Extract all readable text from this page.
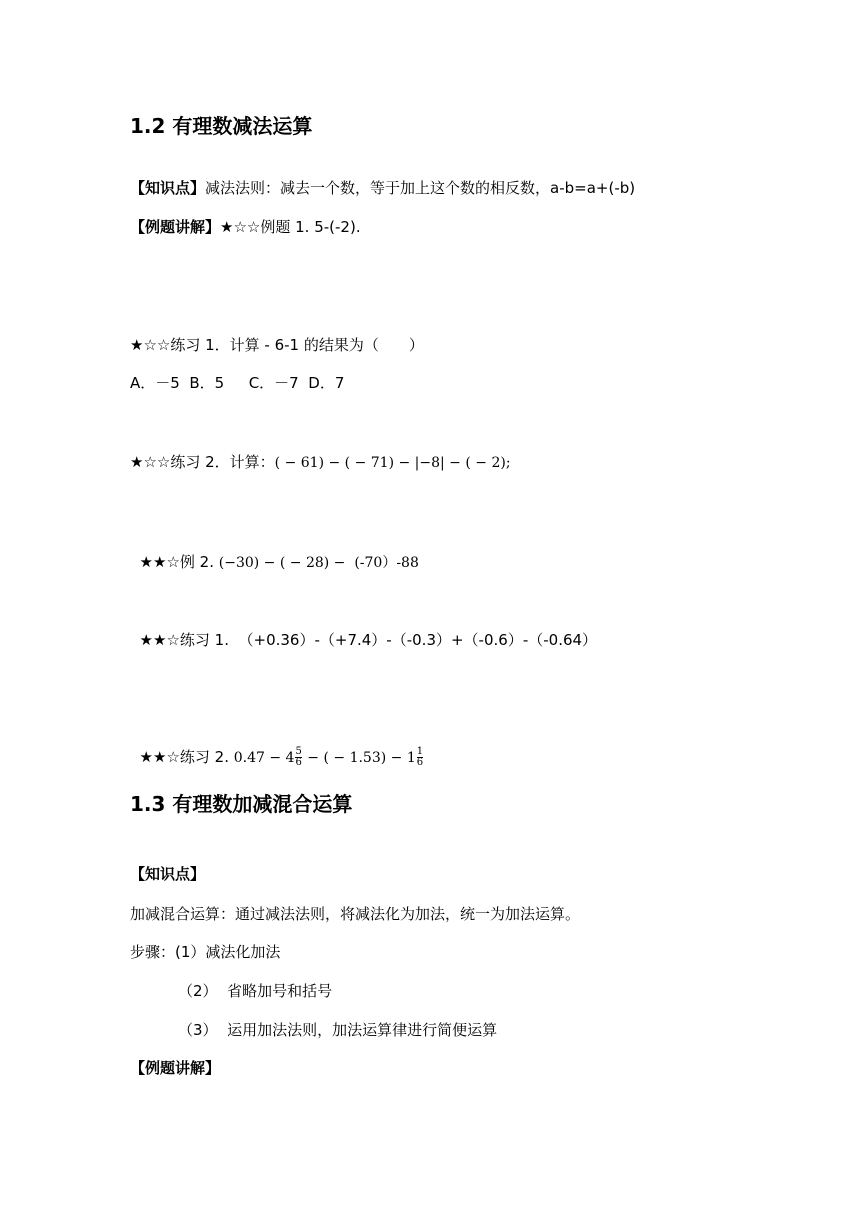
1.2 有理数减法运算
【知识点】减法法则：减去一个数，等于加上这个数的相反数，a-b=a+(-b)
【例题讲解】★☆☆例题 1. 5-(-2).
★☆☆练习 1．计算 - 6-1 的结果为（　　）
A．－5  B．5　  C．－7  D．7
★☆☆练习 2．计算：( − 61) − ( − 71) − |−8| − ( − 2);

★★☆例 2. (−30) − ( − 28) −  (-70）-88

★★☆练习 1.  （+0.36）-（+7.4）-（-0.3）+（-0.6）-（-0.64）

★★☆练习 2. $0.47 - 4 \frac{5}{6}$ − ( − $1.53) - 1 \frac{1}{6}$

1.3 有理数加减混合运算
【知识点】
加减混合运算：通过减法法则，将减法化为加法，统一为加法运算。
步骤：(1）减法化加法
（2）  省略加号和括号
（3）  运用加法法则，加法运算律进行简便运算
【例题讲解】
